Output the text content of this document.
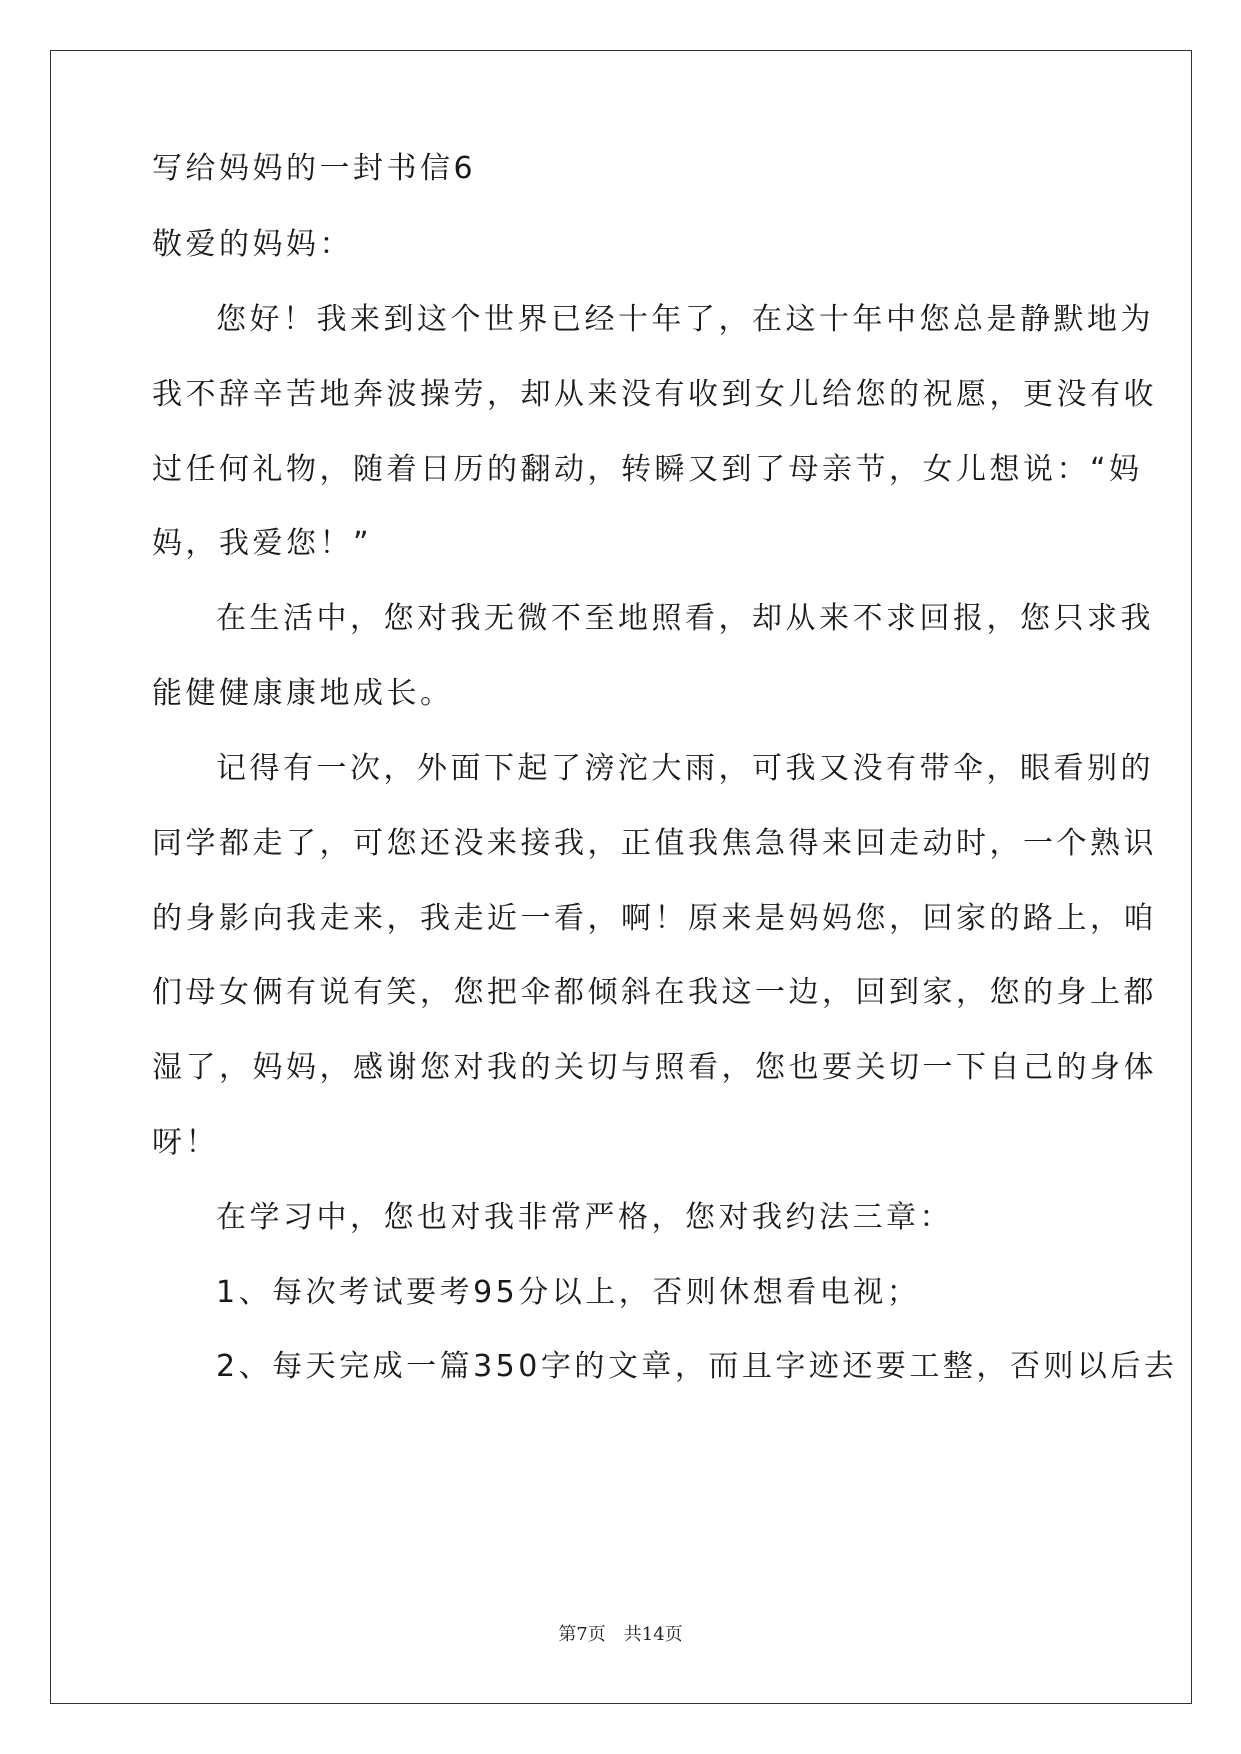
写给妈妈的一封书信6
敬爱的妈妈：
您好！我来到这个世界已经十年了，在这十年中您总是静默地为
我不辞辛苦地奔波操劳，却从来没有收到女儿给您的祝愿，更没有收
过任何礼物，随着日历的翻动，转瞬又到了母亲节，女儿想说：“妈
妈，我爱您！”
在生活中，您对我无微不至地照看，却从来不求回报，您只求我
能健健康康地成长。
记得有一次，外面下起了滂沱大雨，可我又没有带伞，眼看别的
同学都走了，可您还没来接我，正值我焦急得来回走动时，一个熟识
的身影向我走来，我走近一看，啊！原来是妈妈您，回家的路上，咱
们母女俩有说有笑，您把伞都倾斜在我这一边，回到家，您的身上都
湿了，妈妈，感谢您对我的关切与照看，您也要关切一下自己的身体
呀！
在学习中，您也对我非常严格，您对我约法三章：
1、每次考试要考95分以上，否则休想看电视；
2、每天完成一篇350字的文章，而且字迹还要工整，否则以后去
第7页 共14页
